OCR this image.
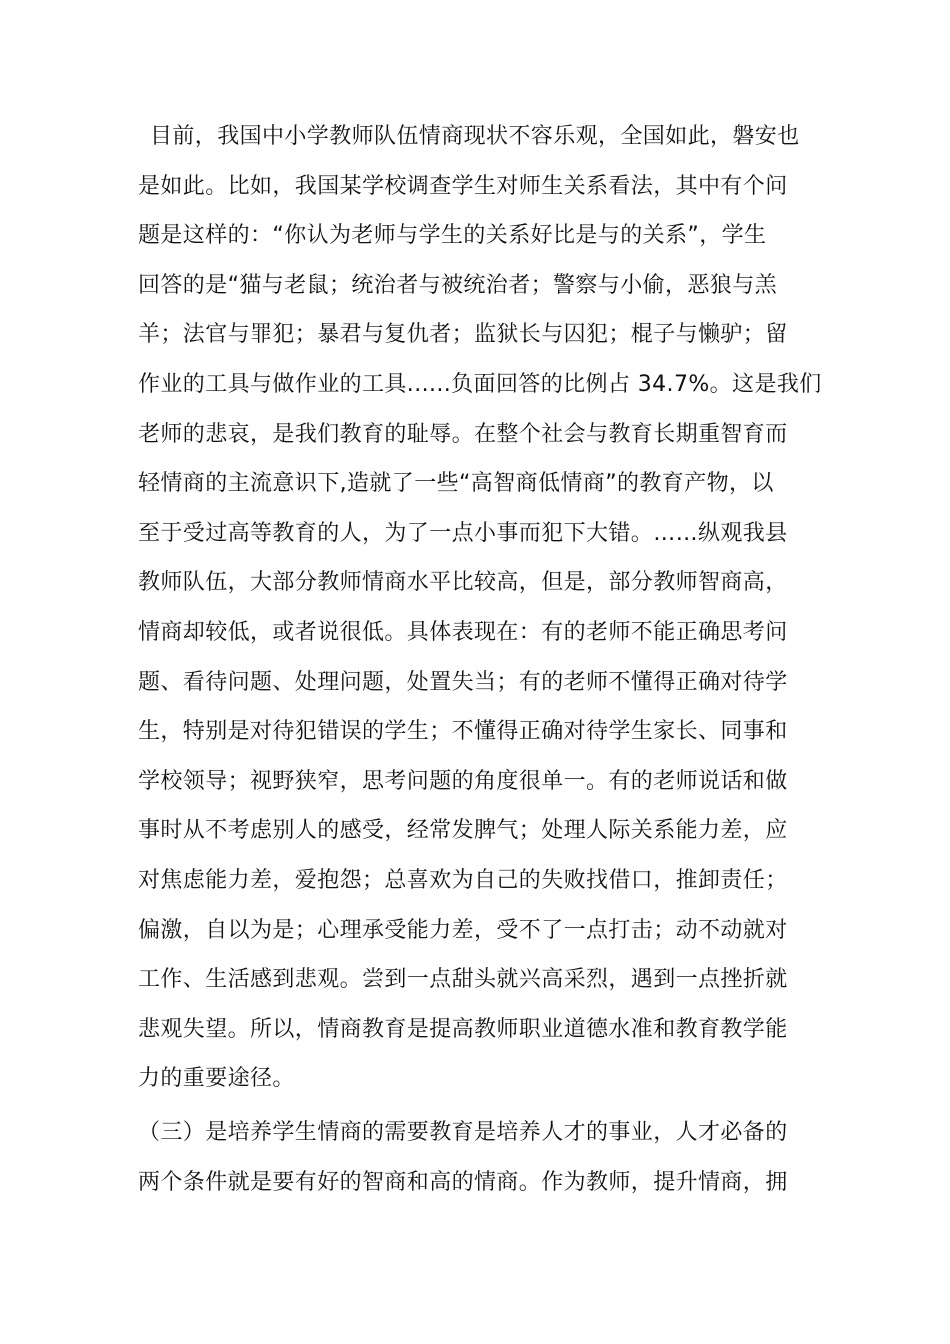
目前，我国中小学教师队伍情商现状不容乐观，全国如此，磐安也
是如此。比如，我国某学校调查学生对师生关系看法，其中有个问
题是这样的：“你认为老师与学生的关系好比是与的关系”，学生
回答的是“猫与老鼠；统治者与被统治者；警察与小偷，恶狼与羔
羊；法官与罪犯；暴君与复仇者；监狱长与囚犯；棍子与懒驴；留
作业的工具与做作业的工具......负面回答的比例占 34.7%。这是我们
老师的悲哀，是我们教育的耻辱。在整个社会与教育长期重智育而
轻情商的主流意识下,造就了一些“高智商低情商”的教育产物，以
至于受过高等教育的人，为了一点小事而犯下大错。……纵观我县
教师队伍，大部分教师情商水平比较高，但是，部分教师智商高，
情商却较低，或者说很低。具体表现在：有的老师不能正确思考问
题、看待问题、处理问题，处置失当；有的老师不懂得正确对待学
生，特别是对待犯错误的学生；不懂得正确对待学生家长、同事和
学校领导；视野狭窄，思考问题的角度很单一。有的老师说话和做
事时从不考虑别人的感受，经常发脾气；处理人际关系能力差，应
对焦虑能力差，爱抱怨；总喜欢为自己的失败找借口，推卸责任；
偏激，自以为是；心理承受能力差，受不了一点打击；动不动就对
工作、生活感到悲观。尝到一点甜头就兴高采烈，遇到一点挫折就
悲观失望。所以，情商教育是提高教师职业道德水准和教育教学能
力的重要途径。
（三）是培养学生情商的需要教育是培养人才的事业，人才必备的
两个条件就是要有好的智商和高的情商。作为教师，提升情商，拥
